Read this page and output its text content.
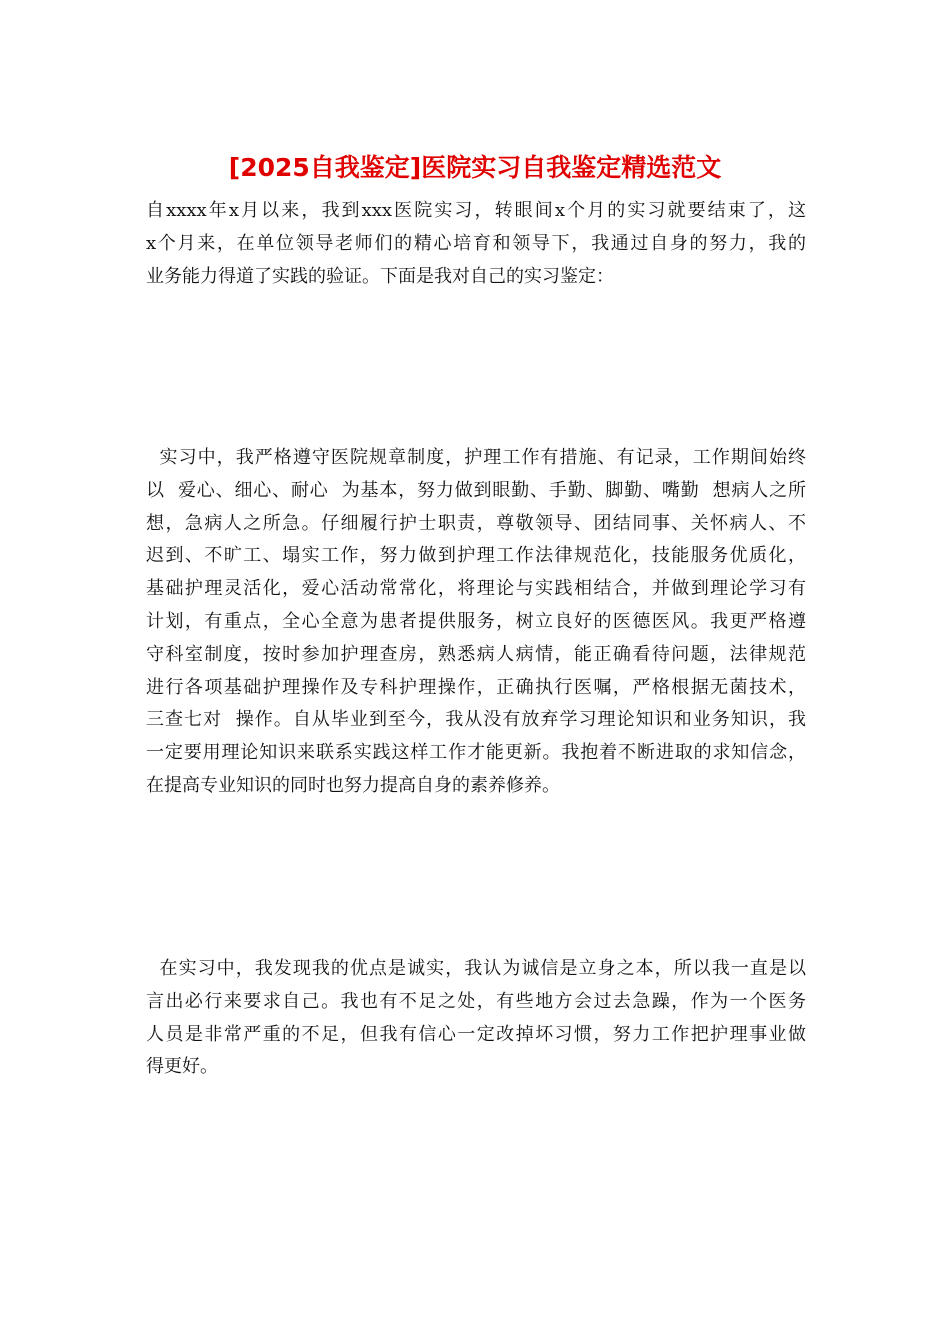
[2025自我鉴定]医院实习自我鉴定精选范文
自xxxx年x月以来，我到xxx医院实习，转眼间x个月的实习就要结束了，这
x个月来，在单位领导老师们的精心培育和领导下，我通过自身的努力，我的
业务能力得道了实践的验证。下面是我对自己的实习鉴定：
实习中，我严格遵守医院规章制度，护理工作有措施、有记录，工作期间始终
以  爱心、细心、耐心  为基本，努力做到眼勤、手勤、脚勤、嘴勤  想病人之所
想，急病人之所急。仔细履行护士职责，尊敬领导、团结同事、关怀病人、不
迟到、不旷工、塌实工作，努力做到护理工作法律规范化，技能服务优质化，
基础护理灵活化，爱心活动常常化，将理论与实践相结合，并做到理论学习有
计划，有重点，全心全意为患者提供服务，树立良好的医德医风。我更严格遵
守科室制度，按时参加护理查房，熟悉病人病情，能正确看待问题，法律规范
进行各项基础护理操作及专科护理操作，正确执行医嘱，严格根据无菌技术，
三查七对  操作。自从毕业到至今，我从没有放弃学习理论知识和业务知识，我
一定要用理论知识来联系实践这样工作才能更新。我抱着不断进取的求知信念，
在提高专业知识的同时也努力提高自身的素养修养。
在实习中，我发现我的优点是诚实，我认为诚信是立身之本，所以我一直是以
言出必行来要求自己。我也有不足之处，有些地方会过去急躁，作为一个医务
人员是非常严重的不足，但我有信心一定改掉坏习惯，努力工作把护理事业做
得更好。
